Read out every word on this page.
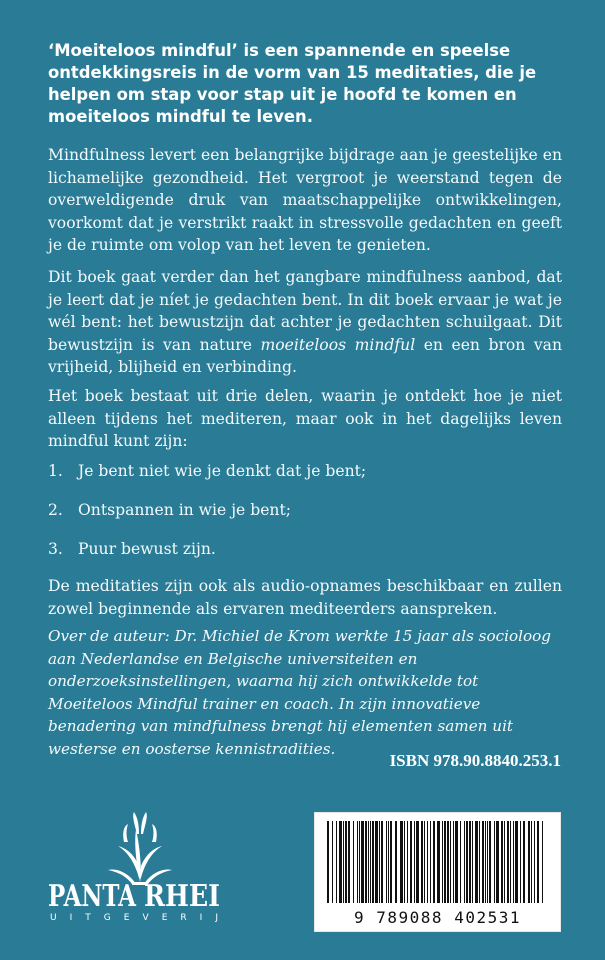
‘Moeiteloos mindful’ is een spannende en speelse ontdekkingsreis in de vorm van 15 meditaties, die je helpen om stap voor stap uit je hoofd te komen en moeiteloos mindful te leven.

Mindfulness levert een belangrijke bijdrage aan je geestelijke en lichamelijke gezondheid. Het vergroot je weerstand tegen de overweldigende druk van maatschappelijke ontwikkelingen, voorkomt dat je verstrikt raakt in stressvolle gedachten en geeft je de ruimte om volop van het leven te genieten.

Dit boek gaat verder dan het gangbare mindfulness aanbod, dat je leert dat je níet je gedachten bent. In dit boek ervaar je wat je wél bent: het bewustzijn dat achter je gedachten schuilgaat. Dit bewustzijn is van nature moeiteloos mindful en een bron van vrijheid, blijheid en verbinding.

Het boek bestaat uit drie delen, waarin je ontdekt hoe je niet alleen tijdens het mediteren, maar ook in het dagelijks leven mindful kunt zijn:

1. Je bent niet wie je denkt dat je bent;

2. Ontspannen in wie je bent;

3. Puur bewust zijn.

De meditaties zijn ook als audio-opnames beschikbaar en zullen zowel beginnende als ervaren mediteerders aanspreken.

Over de auteur: Dr. Michiel de Krom werkte 15 jaar als socioloog aan Nederlandse en Belgische universiteiten en onderzoeksinstellingen, waarna hij zich ontwikkelde tot Moeiteloos Mindful trainer en coach. In zijn innovatieve benadering van mindfulness brengt hij elementen samen uit westerse en oosterse kennistradities.

ISBN 978.90.8840.253.1

PANTA RHEI
UITGEVERIJ	9 789088 402531
